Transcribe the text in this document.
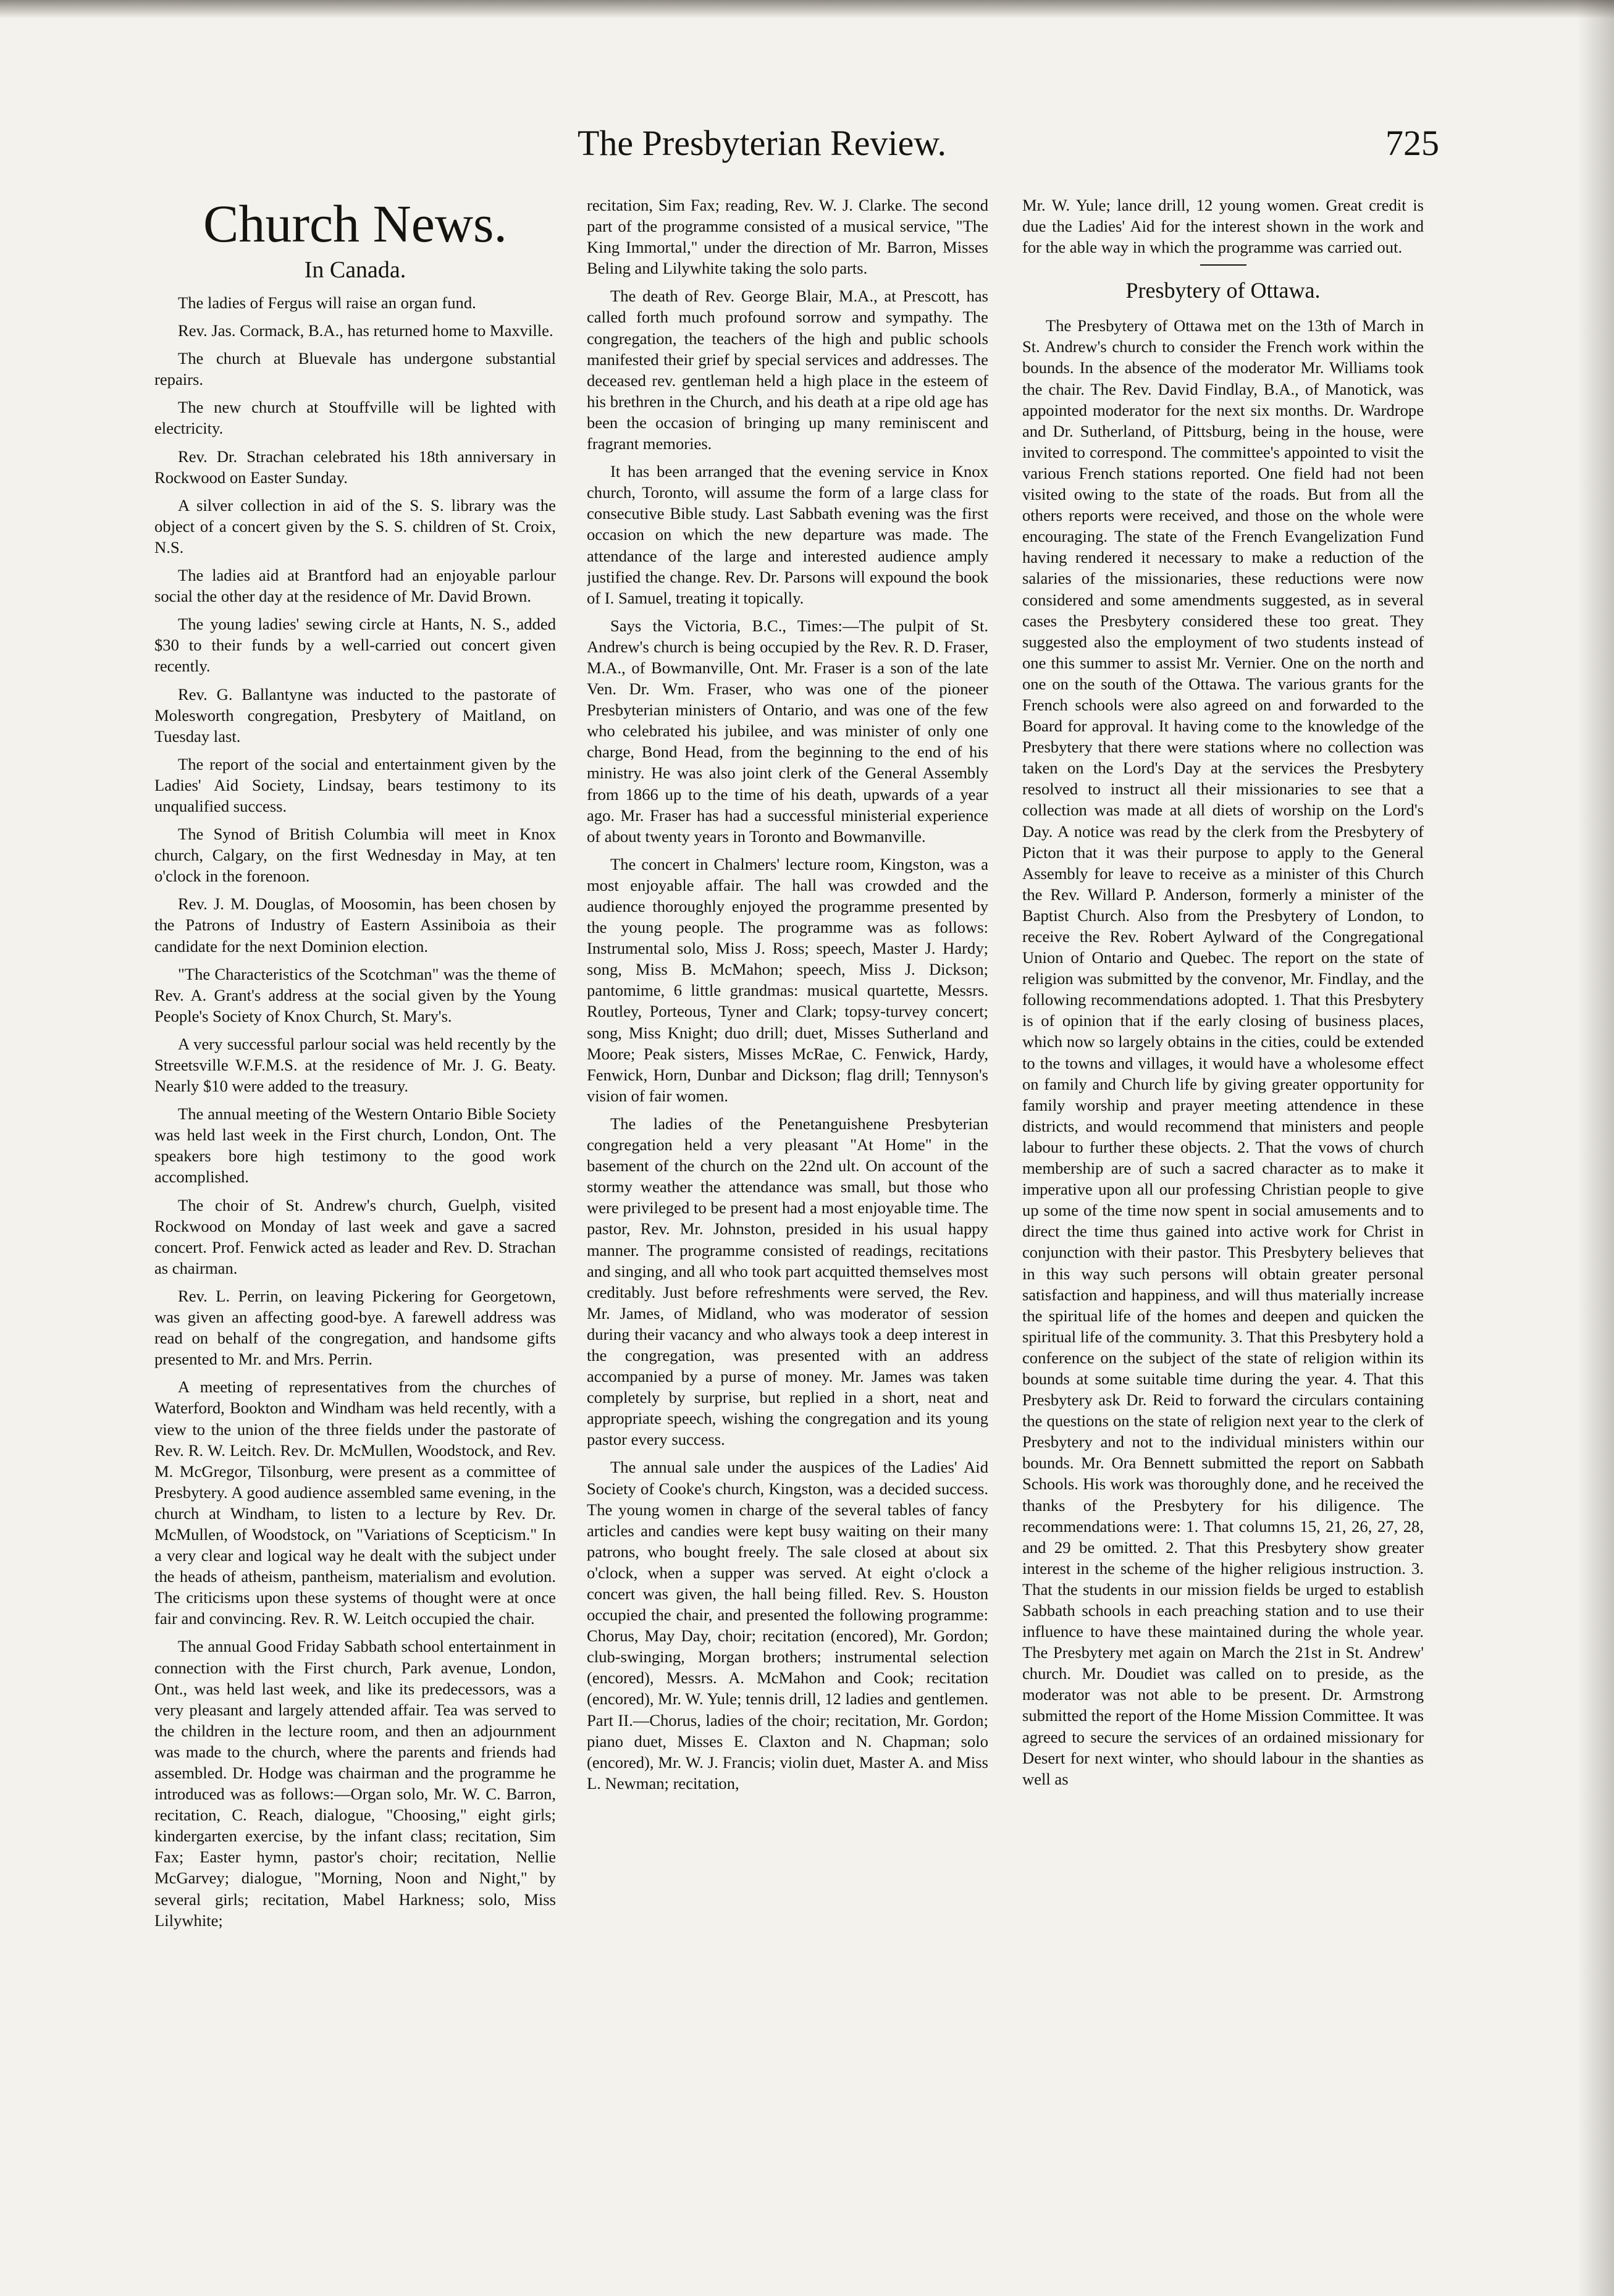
The Presbyterian Review.	725
Church News.
In Canada.

The ladies of Fergus will raise an organ fund.

Rev. Jas. Cormack, B.A., has returned home to Maxville.

The church at Bluevale has undergone substantial repairs.

The new church at Stouffville will be lighted with electricity.

Rev. Dr. Strachan celebrated his 18th anniversary in Rockwood on Easter Sunday.

A silver collection in aid of the S. S. library was the object of a concert given by the S. S. children of St. Croix, N.S.

The ladies aid at Brantford had an enjoyable parlour social the other day at the residence of Mr. David Brown.

The young ladies' sewing circle at Hants, N. S., added $30 to their funds by a well-carried out concert given recently.

Rev. G. Ballantyne was inducted to the pastorate of Molesworth congregation, Presbytery of Maitland, on Tuesday last.

The report of the social and entertainment given by the Ladies' Aid Society, Lindsay, bears testimony to its unqualified success.

The Synod of British Columbia will meet in Knox church, Calgary, on the first Wednesday in May, at ten o'clock in the forenoon.

Rev. J. M. Douglas, of Moosomin, has been chosen by the Patrons of Industry of Eastern Assiniboia as their candidate for the next Dominion election.

"The Characteristics of the Scotchman" was the theme of Rev. A. Grant's address at the social given by the Young People's Society of Knox Church, St. Mary's.

A very successful parlour social was held recently by the Streetsville W.F.M.S. at the residence of Mr. J. G. Beaty. Nearly $10 were added to the treasury.

The annual meeting of the Western Ontario Bible Society was held last week in the First church, London, Ont. The speakers bore high testimony to the good work accomplished.

The choir of St. Andrew's church, Guelph, visited Rockwood on Monday of last week and gave a sacred concert. Prof. Fenwick acted as leader and Rev. D. Strachan as chairman.

Rev. L. Perrin, on leaving Pickering for Georgetown, was given an affecting good-bye. A farewell address was read on behalf of the congregation, and handsome gifts presented to Mr. and Mrs. Perrin.

A meeting of representatives from the churches of Waterford, Bookton and Windham was held recently, with a view to the union of the three fields under the pastorate of Rev. R. W. Leitch. Rev. Dr. McMullen, Woodstock, and Rev. M. McGregor, Tilsonburg, were present as a committee of Presbytery. A good audience assembled same evening, in the church at Windham, to listen to a lecture by Rev. Dr. McMullen, of Woodstock, on "Variations of Scepticism." In a very clear and logical way he dealt with the subject under the heads of atheism, pantheism, materialism and evolution. The criticisms upon these systems of thought were at once fair and convincing. Rev. R. W. Leitch occupied the chair.

The annual Good Friday Sabbath school entertainment in connection with the First church, Park avenue, London, Ont., was held last week, and like its predecessors, was a very pleasant and largely attended affair. Tea was served to the children in the lecture room, and then an adjournment was made to the church, where the parents and friends had assembled. Dr. Hodge was chairman and the programme he introduced was as follows:—Organ solo, Mr. W. C. Barron, recitation, C. Reach, dialogue, "Choosing," eight girls; kindergarten exercise, by the infant class; recitation, Sim Fax; Easter hymn, pastor's choir; recitation, Nellie McGarvey; dialogue, "Morning, Noon and Night," by several girls; recitation, Mabel Harkness; solo, Miss Lilywhite;

recitation, Sim Fax; reading, Rev. W. J. Clarke. The second part of the programme consisted of a musical service, "The King Immortal," under the direction of Mr. Barron, Misses Beling and Lilywhite taking the solo parts.

The death of Rev. George Blair, M.A., at Prescott, has called forth much profound sorrow and sympathy. The congregation, the teachers of the high and public schools manifested their grief by special services and addresses. The deceased rev. gentleman held a high place in the esteem of his brethren in the Church, and his death at a ripe old age has been the occasion of bringing up many reminiscent and fragrant memories.

It has been arranged that the evening service in Knox church, Toronto, will assume the form of a large class for consecutive Bible study. Last Sabbath evening was the first occasion on which the new departure was made. The attendance of the large and interested audience amply justified the change. Rev. Dr. Parsons will expound the book of I. Samuel, treating it topically.

Says the Victoria, B.C., Times:—The pulpit of St. Andrew's church is being occupied by the Rev. R. D. Fraser, M.A., of Bowmanville, Ont. Mr. Fraser is a son of the late Ven. Dr. Wm. Fraser, who was one of the pioneer Presbyterian ministers of Ontario, and was one of the few who celebrated his jubilee, and was minister of only one charge, Bond Head, from the beginning to the end of his ministry. He was also joint clerk of the General Assembly from 1866 up to the time of his death, upwards of a year ago. Mr. Fraser has had a successful ministerial experience of about twenty years in Toronto and Bowmanville.

The concert in Chalmers' lecture room, Kingston, was a most enjoyable affair. The hall was crowded and the audience thoroughly enjoyed the programme presented by the young people. The programme was as follows: Instrumental solo, Miss J. Ross; speech, Master J. Hardy; song, Miss B. McMahon; speech, Miss J. Dickson; pantomime, 6 little grandmas: musical quartette, Messrs. Routley, Porteous, Tyner and Clark; topsy-turvey concert; song, Miss Knight; duo drill; duet, Misses Sutherland and Moore; Peak sisters, Misses McRae, C. Fenwick, Hardy, Fenwick, Horn, Dunbar and Dickson; flag drill; Tennyson's vision of fair women.

The ladies of the Penetanguishene Presbyterian congregation held a very pleasant "At Home" in the basement of the church on the 22nd ult. On account of the stormy weather the attendance was small, but those who were privileged to be present had a most enjoyable time. The pastor, Rev. Mr. Johnston, presided in his usual happy manner. The programme consisted of readings, recitations and singing, and all who took part acquitted themselves most creditably. Just before refreshments were served, the Rev. Mr. James, of Midland, who was moderator of session during their vacancy and who always took a deep interest in the congregation, was presented with an address accompanied by a purse of money. Mr. James was taken completely by surprise, but replied in a short, neat and appropriate speech, wishing the congregation and its young pastor every success.

The annual sale under the auspices of the Ladies' Aid Society of Cooke's church, Kingston, was a decided success. The young women in charge of the several tables of fancy articles and candies were kept busy waiting on their many patrons, who bought freely. The sale closed at about six o'clock, when a supper was served. At eight o'clock a concert was given, the hall being filled. Rev. S. Houston occupied the chair, and presented the following programme: Chorus, May Day, choir; recitation (encored), Mr. Gordon; club-swinging, Morgan brothers; instrumental selection (encored), Messrs. A. McMahon and Cook; recitation (encored), Mr. W. Yule; tennis drill, 12 ladies and gentlemen. Part II.—Chorus, ladies of the choir; recitation, Mr. Gordon; piano duet, Misses E. Claxton and N. Chapman; solo (encored), Mr. W. J. Francis; violin duet, Master A. and Miss L. Newman; recitation,

Mr. W. Yule; lance drill, 12 young women. Great credit is due the Ladies' Aid for the interest shown in the work and for the able way in which the programme was carried out.

Presbytery of Ottawa.

The Presbytery of Ottawa met on the 13th of March in St. Andrew's church to consider the French work within the bounds. In the absence of the moderator Mr. Williams took the chair. The Rev. David Findlay, B.A., of Manotick, was appointed moderator for the next six months. Dr. Wardrope and Dr. Sutherland, of Pittsburg, being in the house, were invited to correspond. The committee's appointed to visit the various French stations reported. One field had not been visited owing to the state of the roads. But from all the others reports were received, and those on the whole were encouraging. The state of the French Evangelization Fund having rendered it necessary to make a reduction of the salaries of the missionaries, these reductions were now considered and some amendments suggested, as in several cases the Presbytery considered these too great. They suggested also the employment of two students instead of one this summer to assist Mr. Vernier. One on the north and one on the south of the Ottawa. The various grants for the French schools were also agreed on and forwarded to the Board for approval. It having come to the knowledge of the Presbytery that there were stations where no collection was taken on the Lord's Day at the services the Presbytery resolved to instruct all their missionaries to see that a collection was made at all diets of worship on the Lord's Day. A notice was read by the clerk from the Presbytery of Picton that it was their purpose to apply to the General Assembly for leave to receive as a minister of this Church the Rev. Willard P. Anderson, formerly a minister of the Baptist Church. Also from the Presbytery of London, to receive the Rev. Robert Aylward of the Congregational Union of Ontario and Quebec. The report on the state of religion was submitted by the convenor, Mr. Findlay, and the following recommendations adopted. 1. That this Presbytery is of opinion that if the early closing of business places, which now so largely obtains in the cities, could be extended to the towns and villages, it would have a wholesome effect on family and Church life by giving greater opportunity for family worship and prayer meeting attendence in these districts, and would recommend that ministers and people labour to further these objects. 2. That the vows of church membership are of such a sacred character as to make it imperative upon all our professing Christian people to give up some of the time now spent in social amusements and to direct the time thus gained into active work for Christ in conjunction with their pastor. This Presbytery believes that in this way such persons will obtain greater personal satisfaction and happiness, and will thus materially increase the spiritual life of the homes and deepen and quicken the spiritual life of the community. 3. That this Presbytery hold a conference on the subject of the state of religion within its bounds at some suitable time during the year. 4. That this Presbytery ask Dr. Reid to forward the circulars containing the questions on the state of religion next year to the clerk of Presbytery and not to the individual ministers within our bounds. Mr. Ora Bennett submitted the report on Sabbath Schools. His work was thoroughly done, and he received the thanks of the Presbytery for his diligence. The recommendations were: 1. That columns 15, 21, 26, 27, 28, and 29 be omitted. 2. That this Presbytery show greater interest in the scheme of the higher religious instruction. 3. That the students in our mission fields be urged to establish Sabbath schools in each preaching station and to use their influence to have these maintained during the whole year. The Presbytery met again on March the 21st in St. Andrew' church. Mr. Doudiet was called on to preside, as the moderator was not able to be present. Dr. Armstrong submitted the report of the Home Mission Committee. It was agreed to secure the services of an ordained missionary for Desert for next winter, who should labour in the shanties as well as
